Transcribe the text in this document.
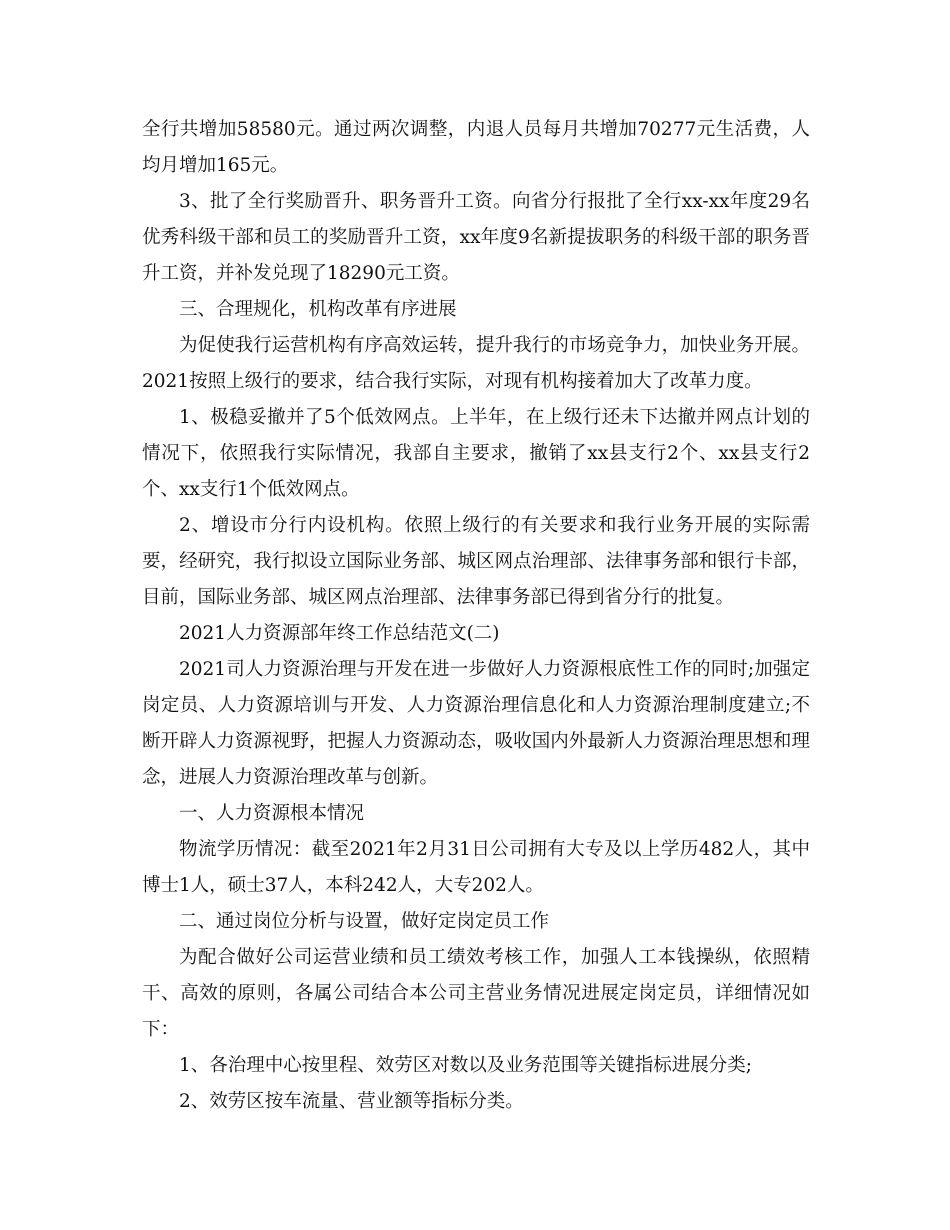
全行共增加58580元。通过两次调整，内退人员每月共增加70277元生活费，人均月增加165元。

3、批了全行奖励晋升、职务晋升工资。向省分行报批了全行xx-xx年度29名优秀科级干部和员工的奖励晋升工资，xx年度9名新提拔职务的科级干部的职务晋升工资，并补发兑现了18290元工资。

三、合理规化，机构改革有序进展

为促使我行运营机构有序高效运转，提升我行的市场竞争力，加快业务开展。2021按照上级行的要求，结合我行实际，对现有机构接着加大了改革力度。

1、极稳妥撤并了5个低效网点。上半年，在上级行还未下达撤并网点计划的情况下，依照我行实际情况，我部自主要求，撤销了xx县支行2个、xx县支行2个、xx支行1个低效网点。

2、增设市分行内设机构。依照上级行的有关要求和我行业务开展的实际需要，经研究，我行拟设立国际业务部、城区网点治理部、法律事务部和银行卡部，目前，国际业务部、城区网点治理部、法律事务部已得到省分行的批复。

2021人力资源部年终工作总结范文(二)

2021司人力资源治理与开发在进一步做好人力资源根底性工作的同时;加强定岗定员、人力资源培训与开发、人力资源治理信息化和人力资源治理制度建立;不断开辟人力资源视野，把握人力资源动态，吸收国内外最新人力资源治理思想和理念，进展人力资源治理改革与创新。

一、人力资源根本情况

物流学历情况：截至2021年2月31日公司拥有大专及以上学历482人，其中博士1人，硕士37人，本科242人，大专202人。

二、通过岗位分析与设置，做好定岗定员工作

为配合做好公司运营业绩和员工绩效考核工作，加强人工本钱操纵，依照精干、高效的原则，各属公司结合本公司主营业务情况进展定岗定员，详细情况如下：

1、各治理中心按里程、效劳区对数以及业务范围等关键指标进展分类;

2、效劳区按车流量、营业额等指标分类。
